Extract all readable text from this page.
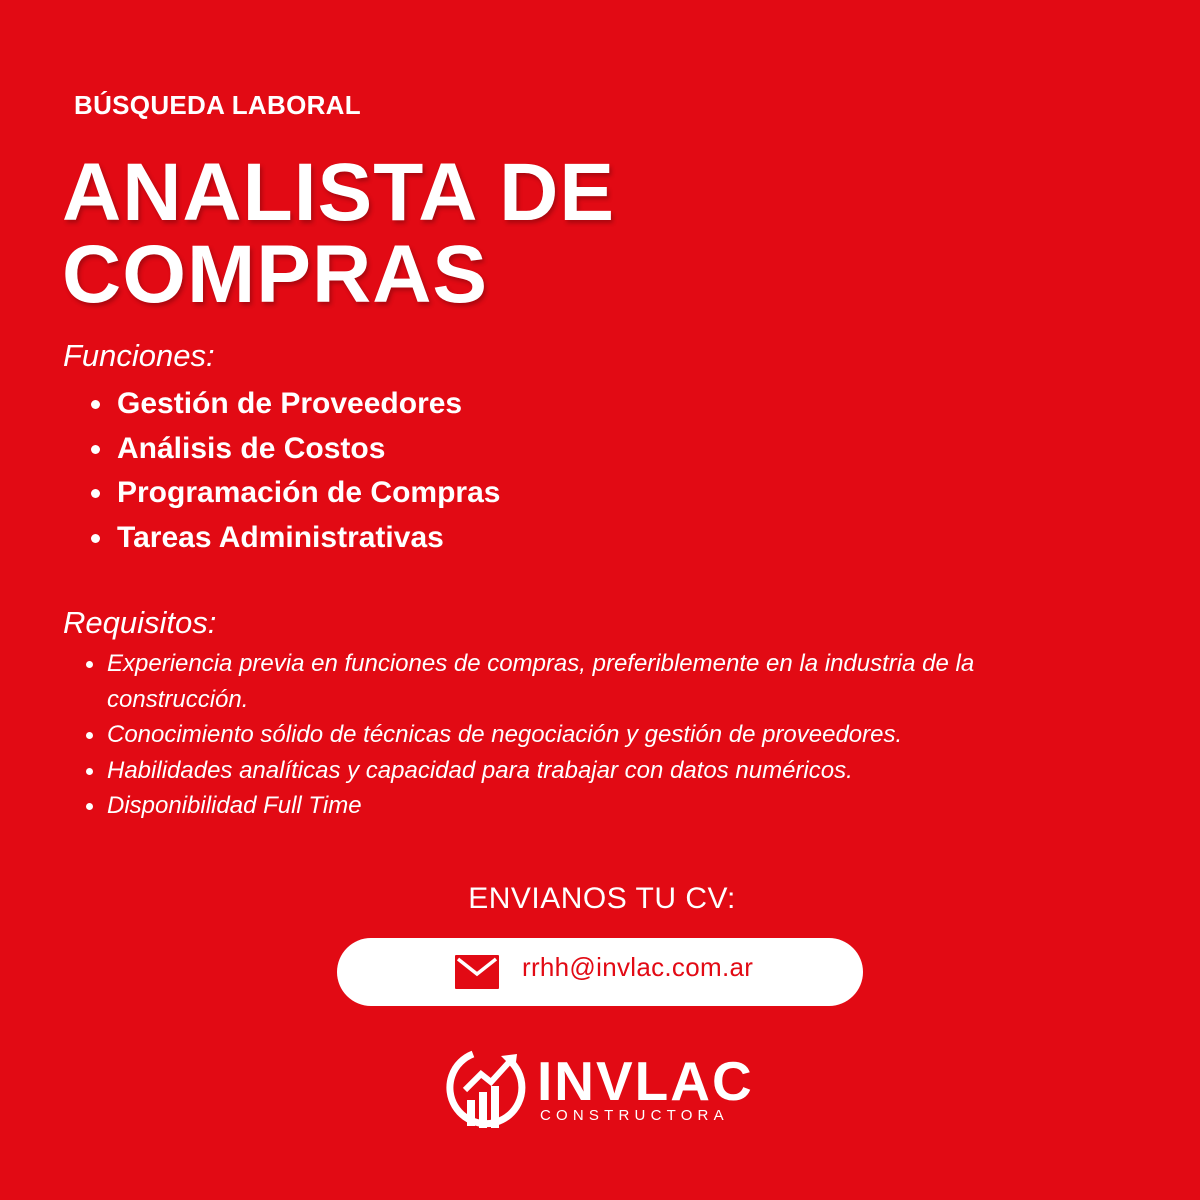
BÚSQUEDA LABORAL
ANALISTA DE
COMPRAS
Funciones:
Gestión de Proveedores
Análisis de Costos
Programación de Compras
Tareas Administrativas
Requisitos:
Experiencia previa en funciones de compras, preferiblemente en la industria de la construcción.
Conocimiento sólido de técnicas de negociación y gestión de proveedores.
Habilidades analíticas y capacidad para trabajar con datos numéricos.
Disponibilidad Full Time
ENVIANOS TU CV:
rrhh@invlac.com.ar
INVLAC
CONSTRUCTORA
